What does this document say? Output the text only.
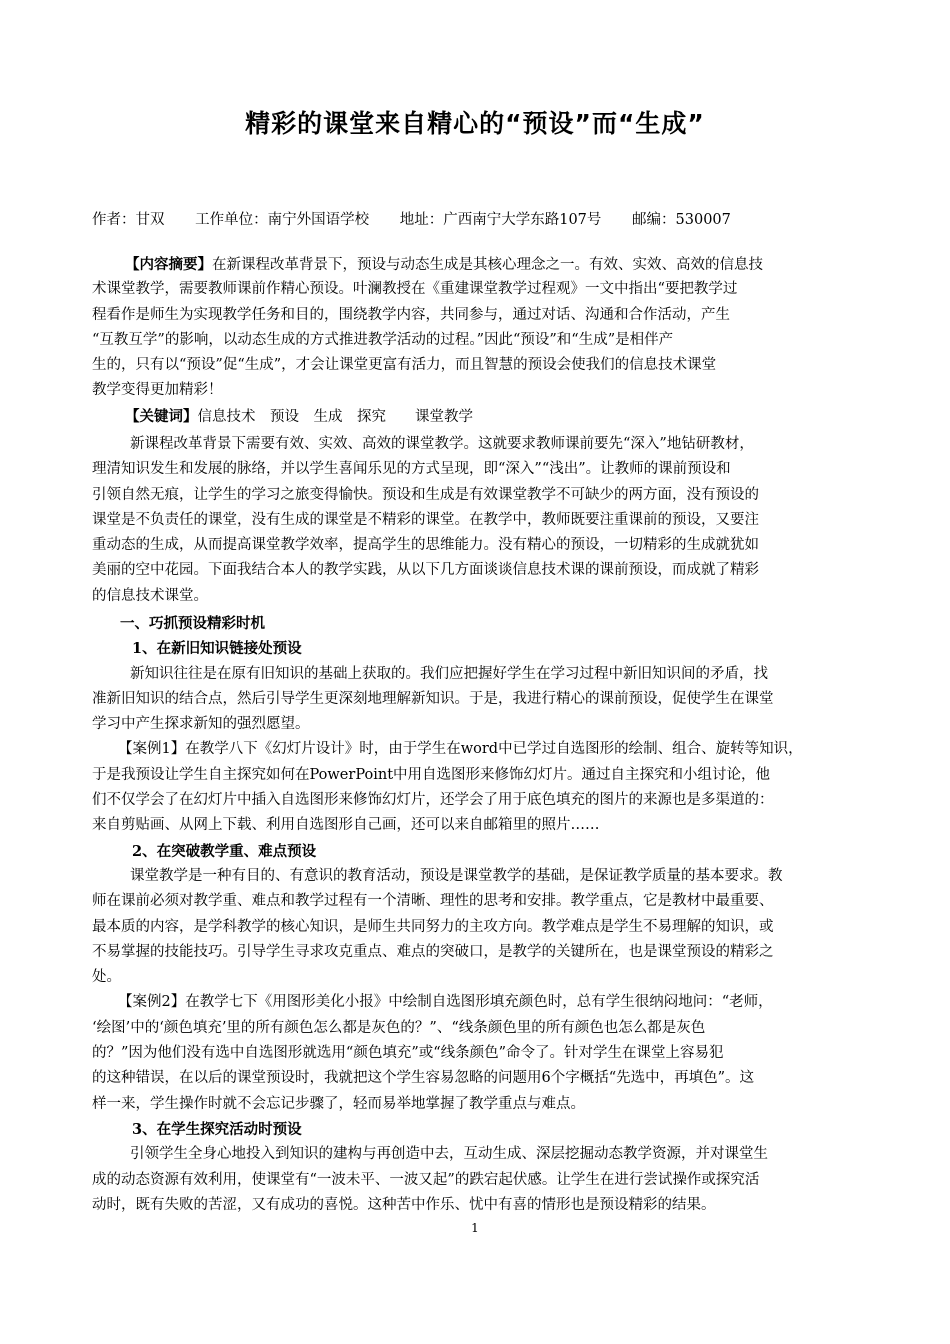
精彩的课堂来自精心的“预设”而“生成”
作者：甘双 工作单位：南宁外国语学校 地址：广西南宁大学东路107号 邮编：530007
【内容摘要】在新课程改革背景下，预设与动态生成是其核心理念之一。有效、实效、高效的信息技
术课堂教学，需要教师课前作精心预设。叶澜教授在《重建课堂教学过程观》一文中指出“要把教学过
程看作是师生为实现教学任务和目的，围绕教学内容，共同参与，通过对话、沟通和合作活动，产生
“互教互学”的影响，以动态生成的方式推进教学活动的过程。”因此“预设”和“生成”是相伴产
生的，只有以“预设”促“生成”，才会让课堂更富有活力，而且智慧的预设会使我们的信息技术课堂
教学变得更加精彩！
【关键词】信息技术　预设　生成　探究　　课堂教学
新课程改革背景下需要有效、实效、高效的课堂教学。这就要求教师课前要先“深入”地钻研教材，
理清知识发生和发展的脉络，并以学生喜闻乐见的方式呈现，即“深入”“浅出”。让教师的课前预设和
引领自然无痕，让学生的学习之旅变得愉快。预设和生成是有效课堂教学不可缺少的两方面，没有预设的
课堂是不负责任的课堂，没有生成的课堂是不精彩的课堂。在教学中，教师既要注重课前的预设，又要注
重动态的生成，从而提高课堂教学效率，提高学生的思维能力。没有精心的预设，一切精彩的生成就犹如
美丽的空中花园。下面我结合本人的教学实践，从以下几方面谈谈信息技术课的课前预设，而成就了精彩
的信息技术课堂。
一、巧抓预设精彩时机
1、在新旧知识链接处预设
新知识往往是在原有旧知识的基础上获取的。我们应把握好学生在学习过程中新旧知识间的矛盾，找
准新旧知识的结合点，然后引导学生更深刻地理解新知识。于是，我进行精心的课前预设，促使学生在课堂
学习中产生探求新知的强烈愿望。
【案例1】在教学八下《幻灯片设计》时，由于学生在word中已学过自选图形的绘制、组合、旋转等知识，
于是我预设让学生自主探究如何在PowerPoint中用自选图形来修饰幻灯片。通过自主探究和小组讨论，他
们不仅学会了在幻灯片中插入自选图形来修饰幻灯片，还学会了用于底色填充的图片的来源也是多渠道的：
来自剪贴画、从网上下载、利用自选图形自己画，还可以来自邮箱里的照片……
2、在突破教学重、难点预设
课堂教学是一种有目的、有意识的教育活动，预设是课堂教学的基础，是保证教学质量的基本要求。教
师在课前必须对教学重、难点和教学过程有一个清晰、理性的思考和安排。教学重点，它是教材中最重要、
最本质的内容，是学科教学的核心知识，是师生共同努力的主攻方向。教学难点是学生不易理解的知识，或
不易掌握的技能技巧。引导学生寻求攻克重点、难点的突破口，是教学的关键所在，也是课堂预设的精彩之
处。
【案例2】在教学七下《用图形美化小报》中绘制自选图形填充颜色时，总有学生很纳闷地问：“老师，
‘绘图’中的‘颜色填充’里的所有颜色怎么都是灰色的？”、“线条颜色里的所有颜色也怎么都是灰色
的？”因为他们没有选中自选图形就选用“颜色填充”或“线条颜色”命令了。针对学生在课堂上容易犯
的这种错误，在以后的课堂预设时，我就把这个学生容易忽略的问题用6个字概括“先选中，再填色”。这
样一来，学生操作时就不会忘记步骤了，轻而易举地掌握了教学重点与难点。
3、在学生探究活动时预设
引领学生全身心地投入到知识的建构与再创造中去，互动生成、深层挖掘动态教学资源，并对课堂生
成的动态资源有效利用，使课堂有“一波未平、一波又起”的跌宕起伏感。让学生在进行尝试操作或探究活
动时，既有失败的苦涩，又有成功的喜悦。这种苦中作乐、忧中有喜的情形也是预设精彩的结果。
1
